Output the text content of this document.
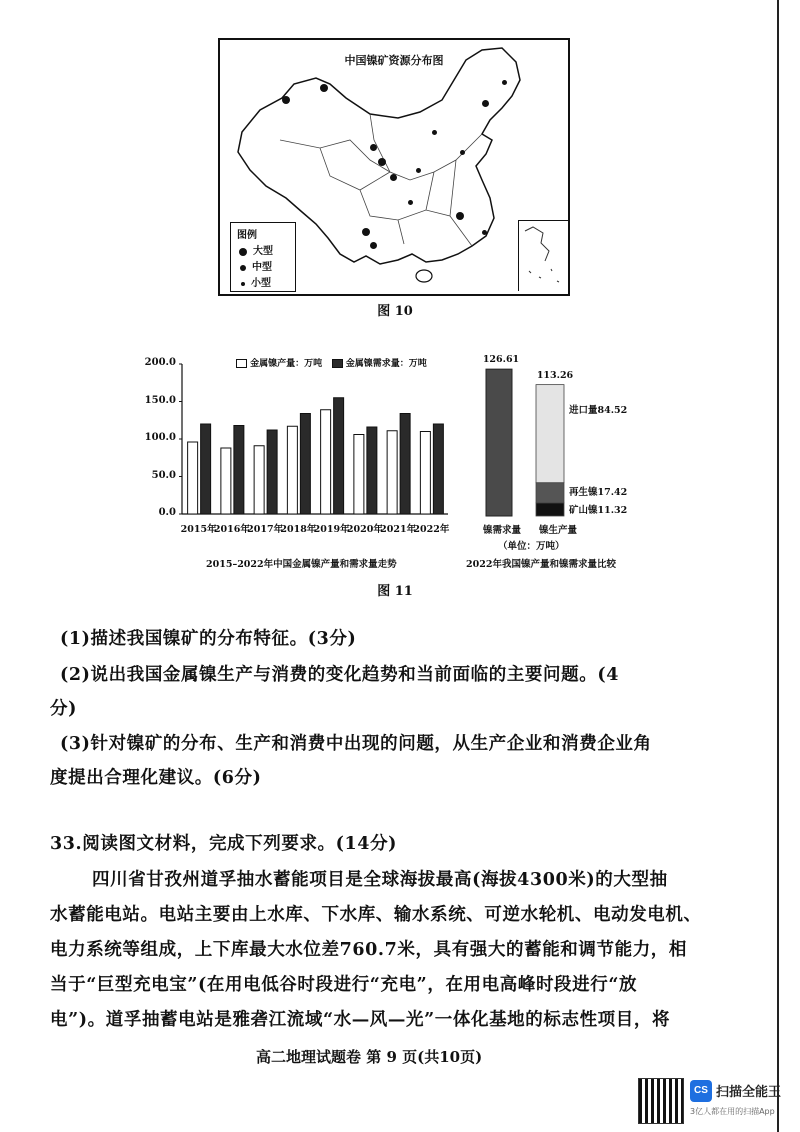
中国镍矿资源分布图
图例
大型
中型
小型
图 10
金属镍产量：万吨	金属镍需求量：万吨
0.0
50.0
100.0
150.0
200.0
2015年
2016年
2017年
2018年
2019年
2020年
2021年
2022年
2015–2022年中国金属镍产量和需求量走势
126.61
113.26
进口量84.52
再生镍17.42
矿山镍11.32
镍需求量	镍生产量
（单位：万吨）
2022年我国镍产量和镍需求量比较
图 11
(1)描述我国镍矿的分布特征。(3分)
(2)说出我国金属镍生产与消费的变化趋势和当前面临的主要问题。(4
分)
(3)针对镍矿的分布、生产和消费中出现的问题，从生产企业和消费企业角
度提出合理化建议。(6分)
33.阅读图文材料，完成下列要求。(14分)
四川省甘孜州道孚抽水蓄能项目是全球海拔最高(海拔4300米)的大型抽
水蓄能电站。电站主要由上水库、下水库、输水系统、可逆水轮机、电动发电机、
电力系统等组成，上下库最大水位差760.7米，具有强大的蓄能和调节能力，相
当于“巨型充电宝”(在用电低谷时段进行“充电”，在用电高峰时段进行“放
电”)。道孚抽蓄电站是雅砻江流域“水—风—光”一体化基地的标志性项目，将
高二地理试题卷 第 9 页(共10页)
CS 扫描全能王
3亿人都在用的扫描App
